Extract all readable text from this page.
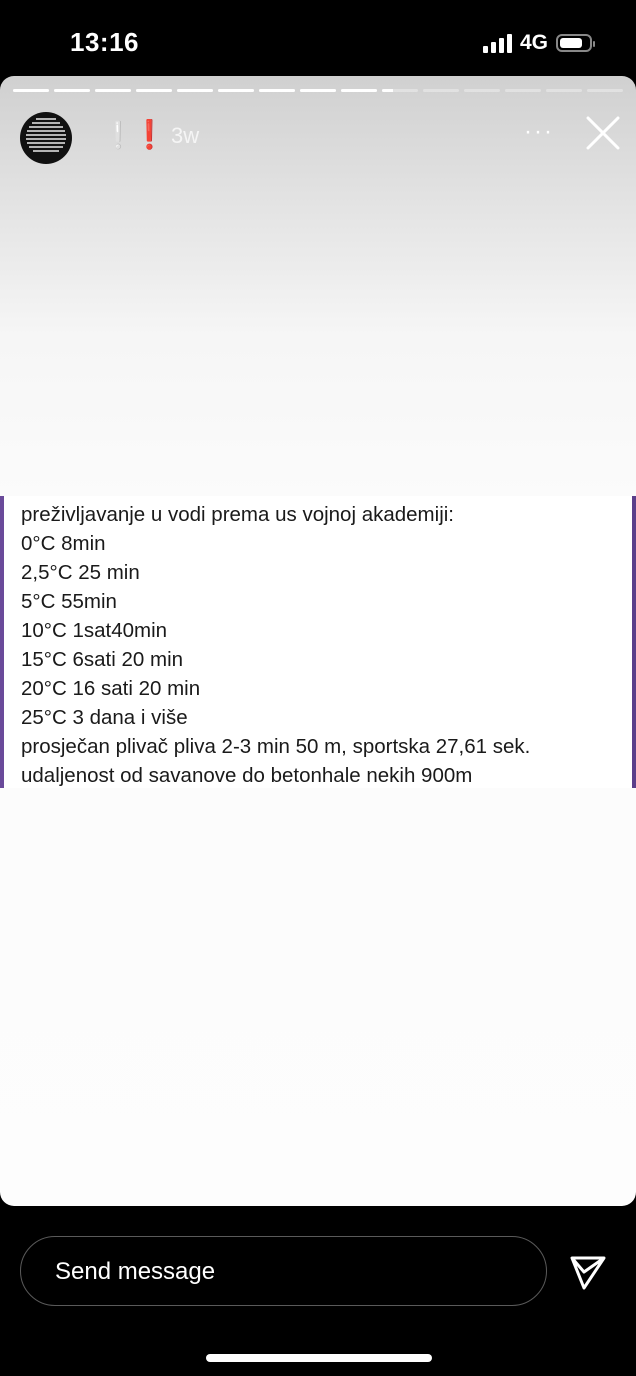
13:16	4G
❕
❗ 3w	···
preživljavanje u vodi prema us vojnoj akademiji:
0°C 8min
2,5°C 25 min
5°C 55min
10°C 1sat40min
15°C 6sati 20 min
20°C 16 sati 20 min
25°C 3 dana i više
prosječan plivač pliva 2-3 min 50 m, sportska 27,61 sek.
udaljenost od savanove do betonhale nekih 900m
Send message
